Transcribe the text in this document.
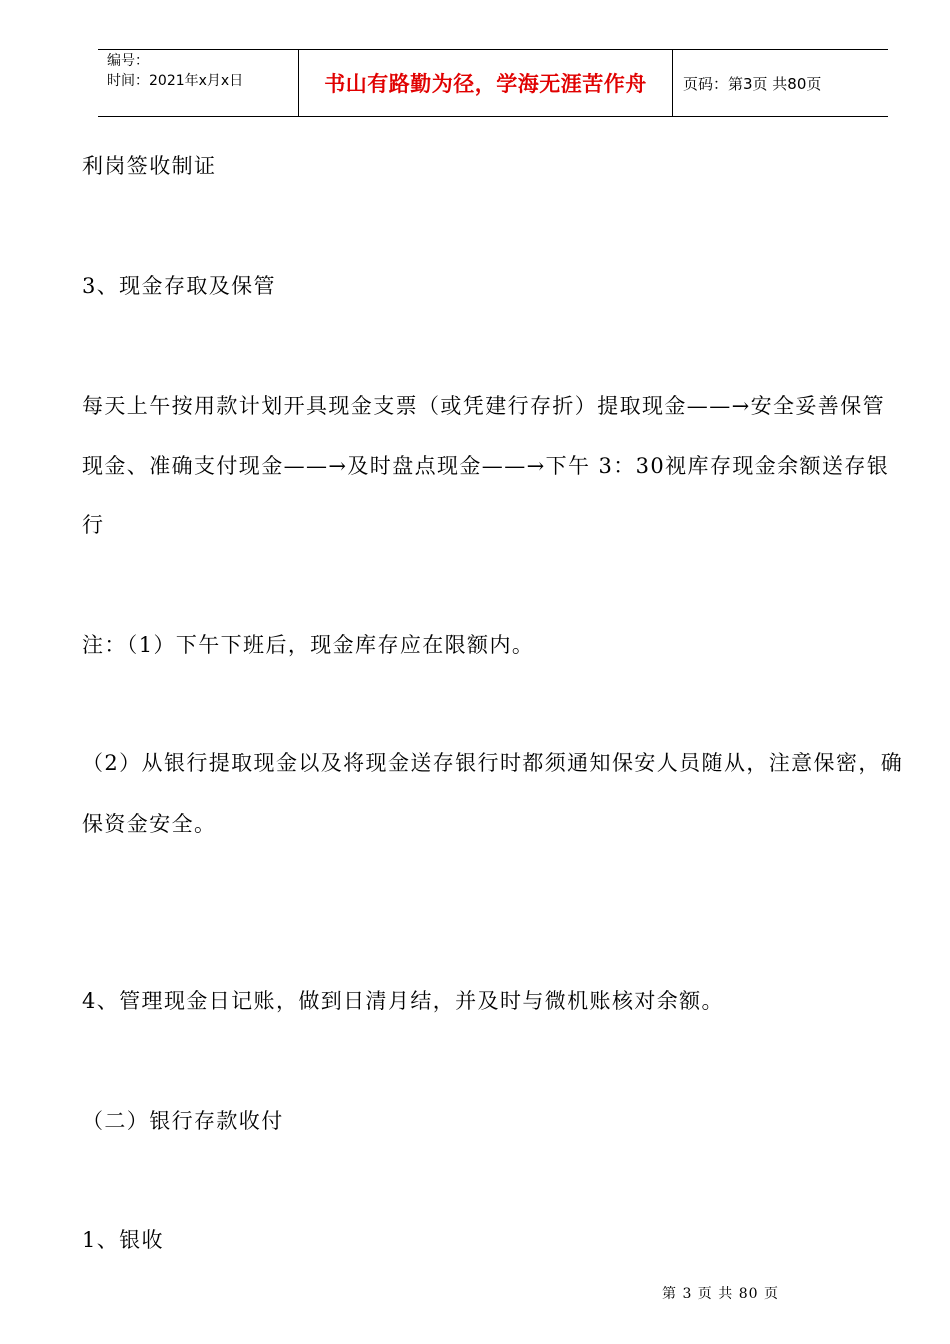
编号：
时间：2021年x月x日	书山有路勤为径，学海无涯苦作舟 页码：第3页 共80页
利岗签收制证
3、现金存取及保管
每天上午按用款计划开具现金支票（或凭建行存折）提取现金——→安全妥善保管
现金、准确支付现金——→及时盘点现金——→下午 3：30视库存现金余额送存银
行
注：（1）下午下班后，现金库存应在限额内。
（2）从银行提取现金以及将现金送存银行时都须通知保安人员随从，注意保密，确
保资金安全。
4、管理现金日记账，做到日清月结，并及时与微机账核对余额。
（二）银行存款收付
1、银收
第 3 页 共 80 页
